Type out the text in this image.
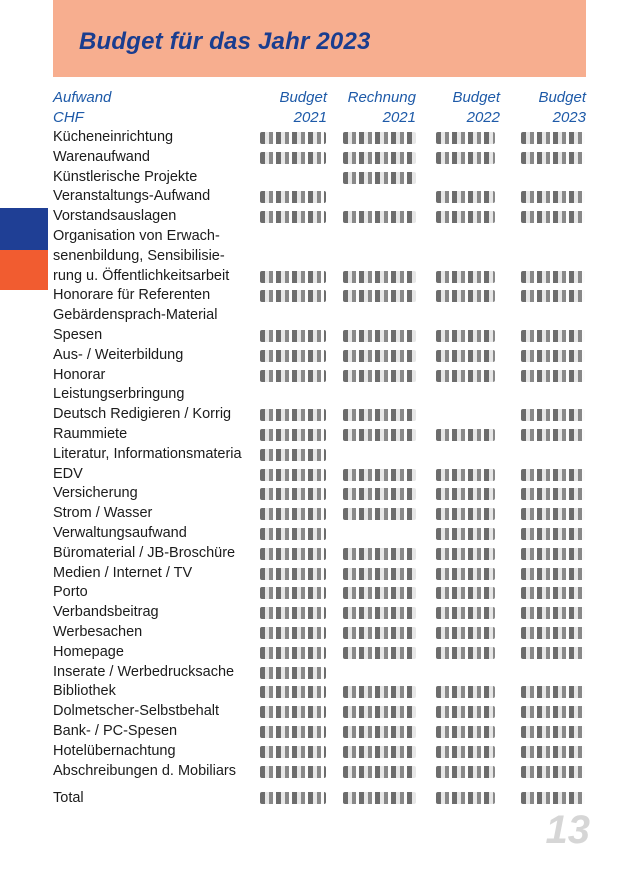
Budget für das Jahr 2023
Aufwand
CHF
Budget
2021
Rechnung
2021
Budget
2022
Budget
2023
Kücheneinrichtung
Warenaufwand
Künstlerische Projekte
Veranstaltungs-Aufwand
Vorstandsauslagen
Organisation von Erwach-
senenbildung, Sensibilisie-
rung u. Öffentlichkeitsarbeit
Honorare für Referenten
Gebärdensprach-Material
Spesen
Aus- / Weiterbildung
Honorar
Leistungserbringung
Deutsch Redigieren / Korrig
Raummiete
Literatur, Informationsmateria
EDV
Versicherung
Strom / Wasser
Verwaltungsaufwand
Büromaterial / JB-Broschüre
Medien / Internet / TV
Porto
Verbandsbeitrag
Werbesachen
Homepage
Inserate / Werbedrucksache
Bibliothek
Dolmetscher-Selbstbehalt
Bank- / PC-Spesen
Hotelübernachtung
Abschreibungen d. Mobiliars
Total
13
